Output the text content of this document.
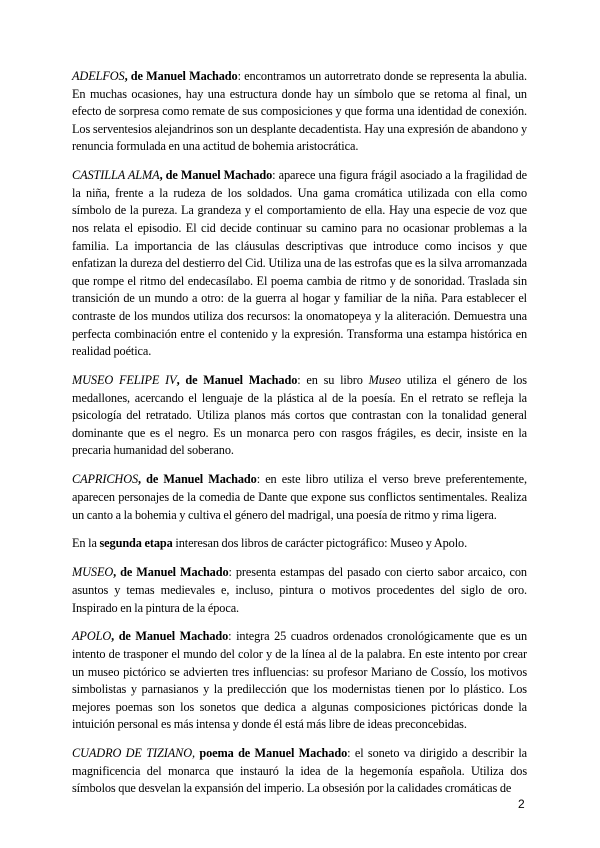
ADELFOS, de Manuel Machado: encontramos un autorretrato donde se representa la abulia. En muchas ocasiones, hay una estructura donde hay un símbolo que se retoma al final, un efecto de sorpresa como remate de sus composiciones y que forma una identidad de conexión. Los serventesios alejandrinos son un desplante decadentista. Hay una expresión de abandono y renuncia formulada en una actitud de bohemia aristocrática.

CASTILLA ALMA, de Manuel Machado: aparece una figura frágil asociado a la fragilidad de la niña, frente a la rudeza de los soldados. Una gama cromática utilizada con ella como símbolo de la pureza. La grandeza y el comportamiento de ella. Hay una especie de voz que nos relata el episodio. El cid decide continuar su camino para no ocasionar problemas a la familia. La importancia de las cláusulas descriptivas que introduce como incisos y que enfatizan la dureza del destierro del Cid. Utiliza una de las estrofas que es la silva arromanzada que rompe el ritmo del endecasílabo. El poema cambia de ritmo y de sonoridad. Traslada sin transición de un mundo a otro: de la guerra al hogar y familiar de la niña. Para establecer el contraste de los mundos utiliza dos recursos: la onomatopeya y la aliteración. Demuestra una perfecta combinación entre el contenido y la expresión. Transforma una estampa histórica en realidad poética.

MUSEO FELIPE IV, de Manuel Machado: en su libro Museo utiliza el género de los medallones, acercando el lenguaje de la plástica al de la poesía. En el retrato se refleja la psicología del retratado. Utiliza planos más cortos que contrastan con la tonalidad general dominante que es el negro. Es un monarca pero con rasgos frágiles, es decir, insiste en la precaria humanidad del soberano.

CAPRICHOS, de Manuel Machado: en este libro utiliza el verso breve preferentemente, aparecen personajes de la comedia de Dante que expone sus conflictos sentimentales. Realiza un canto a la bohemia y cultiva el género del madrigal, una poesía de ritmo y rima ligera.

En la segunda etapa interesan dos libros de carácter pictográfico: Museo y Apolo.

MUSEO, de Manuel Machado: presenta estampas del pasado con cierto sabor arcaico, con asuntos y temas medievales e, incluso, pintura o motivos procedentes del siglo de oro. Inspirado en la pintura de la época.

APOLO, de Manuel Machado: integra 25 cuadros ordenados cronológicamente que es un intento de trasponer el mundo del color y de la línea al de la palabra. En este intento por crear un museo pictórico se advierten tres influencias: su profesor Mariano de Cossío, los motivos simbolistas y parnasianos y la predilección que los modernistas tienen por lo plástico. Los mejores poemas son los sonetos que dedica a algunas composiciones pictóricas donde la intuición personal es más intensa y donde él está más libre de ideas preconcebidas.

CUADRO DE TIZIANO, poema de Manuel Machado: el soneto va dirigido a describir la magnificencia del monarca que instauró la idea de la hegemonía española. Utiliza dos símbolos que desvelan la expansión del imperio. La obsesión por la calidades cromáticas de

2
